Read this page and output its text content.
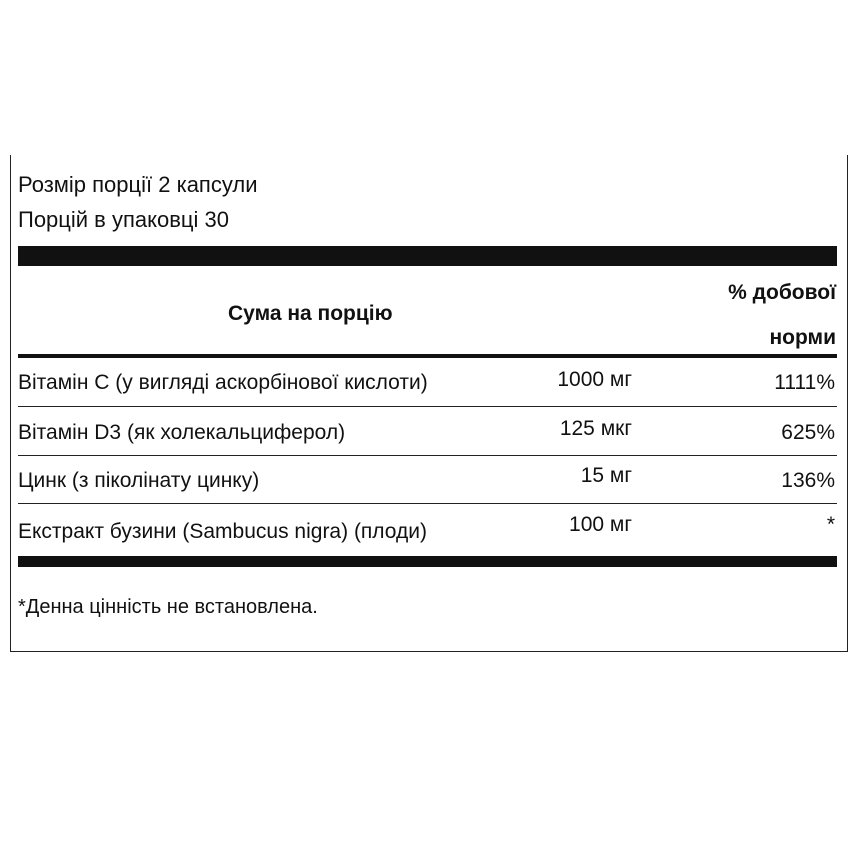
Розмір порції 2 капсули
Порцій в упаковці 30
Сума на порцію
% добової
норми
Вітамін C (у вигляді аскорбінової кислоти)	1000 мг	1111%
Вітамін D3 (як холекальциферол)	125 мкг	625%
Цинк (з піколінату цинку)	15 мг	136%
Екстракт бузини (Sambucus nigra) (плоди)	100 мг	*
*Денна цінність не встановлена.
